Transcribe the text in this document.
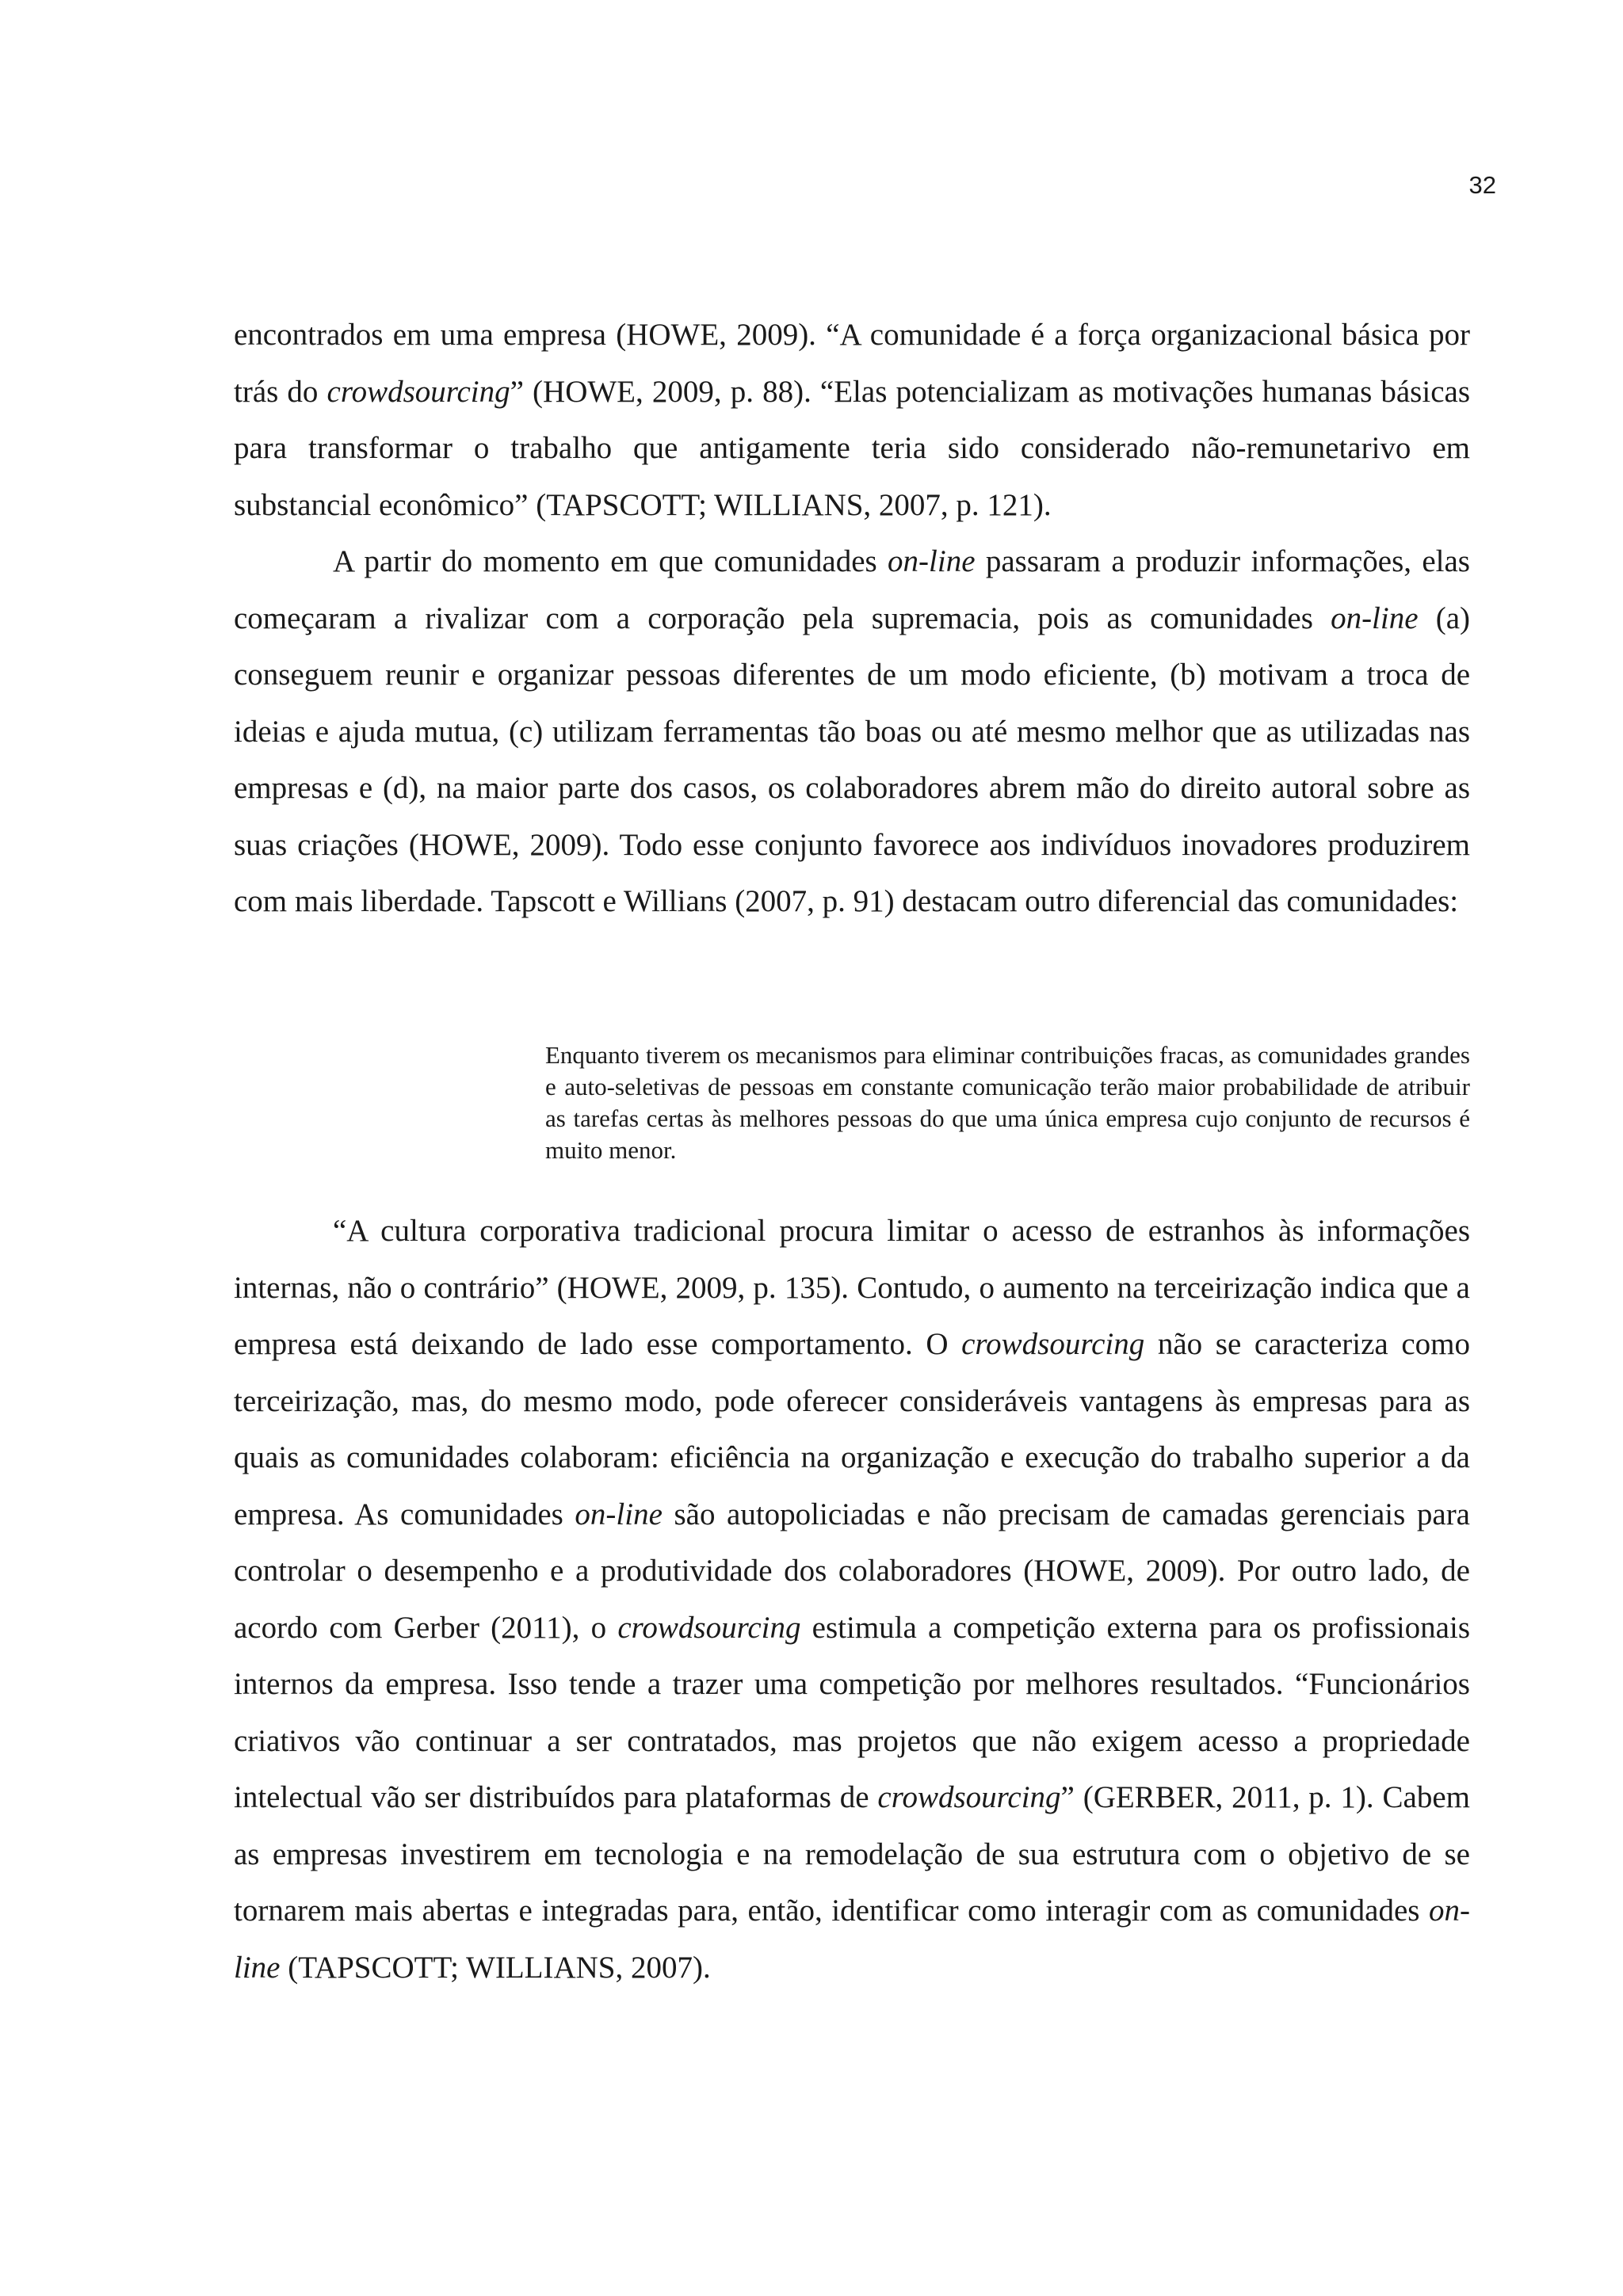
32

encontrados em uma empresa (HOWE, 2009). “A comunidade é a força organizacional básica por trás do crowdsourcing” (HOWE, 2009, p. 88). “Elas potencializam as motivações humanas básicas para transformar o trabalho que antigamente teria sido considerado não-remunetarivo em substancial econômico” (TAPSCOTT; WILLIANS, 2007, p. 121).

A partir do momento em que comunidades on-line passaram a produzir informações, elas começaram a rivalizar com a corporação pela supremacia, pois as comunidades on-line (a) conseguem reunir e organizar pessoas diferentes de um modo eficiente, (b) motivam a troca de ideias e ajuda mutua, (c) utilizam ferramentas tão boas ou até mesmo melhor que as utilizadas nas empresas e (d), na maior parte dos casos, os colaboradores abrem mão do direito autoral sobre as suas criações (HOWE, 2009). Todo esse conjunto favorece aos indivíduos inovadores produzirem com mais liberdade. Tapscott e Willians (2007, p. 91) destacam outro diferencial das comunidades:

Enquanto tiverem os mecanismos para eliminar contribuições fracas, as comunidades grandes e auto-seletivas de pessoas em constante comunicação terão maior probabilidade de atribuir as tarefas certas às melhores pessoas do que uma única empresa cujo conjunto de recursos é muito menor.

“A cultura corporativa tradicional procura limitar o acesso de estranhos às informações internas, não o contrário” (HOWE, 2009, p. 135). Contudo, o aumento na terceirização indica que a empresa está deixando de lado esse comportamento. O crowdsourcing não se caracteriza como terceirização, mas, do mesmo modo, pode oferecer consideráveis vantagens às empresas para as quais as comunidades colaboram: eficiência na organização e execução do trabalho superior a da empresa. As comunidades on-line são autopoliciadas e não precisam de camadas gerenciais para controlar o desempenho e a produtividade dos colaboradores (HOWE, 2009). Por outro lado, de acordo com Gerber (2011), o crowdsourcing estimula a competição externa para os profissionais internos da empresa. Isso tende a trazer uma competição por melhores resultados. “Funcionários criativos vão continuar a ser contratados, mas projetos que não exigem acesso a propriedade intelectual vão ser distribuídos para plataformas de crowdsourcing” (GERBER, 2011, p. 1). Cabem as empresas investirem em tecnologia e na remodelação de sua estrutura com o objetivo de se tornarem mais abertas e integradas para, então, identificar como interagir com as comunidades on-line (TAPSCOTT; WILLIANS, 2007).
